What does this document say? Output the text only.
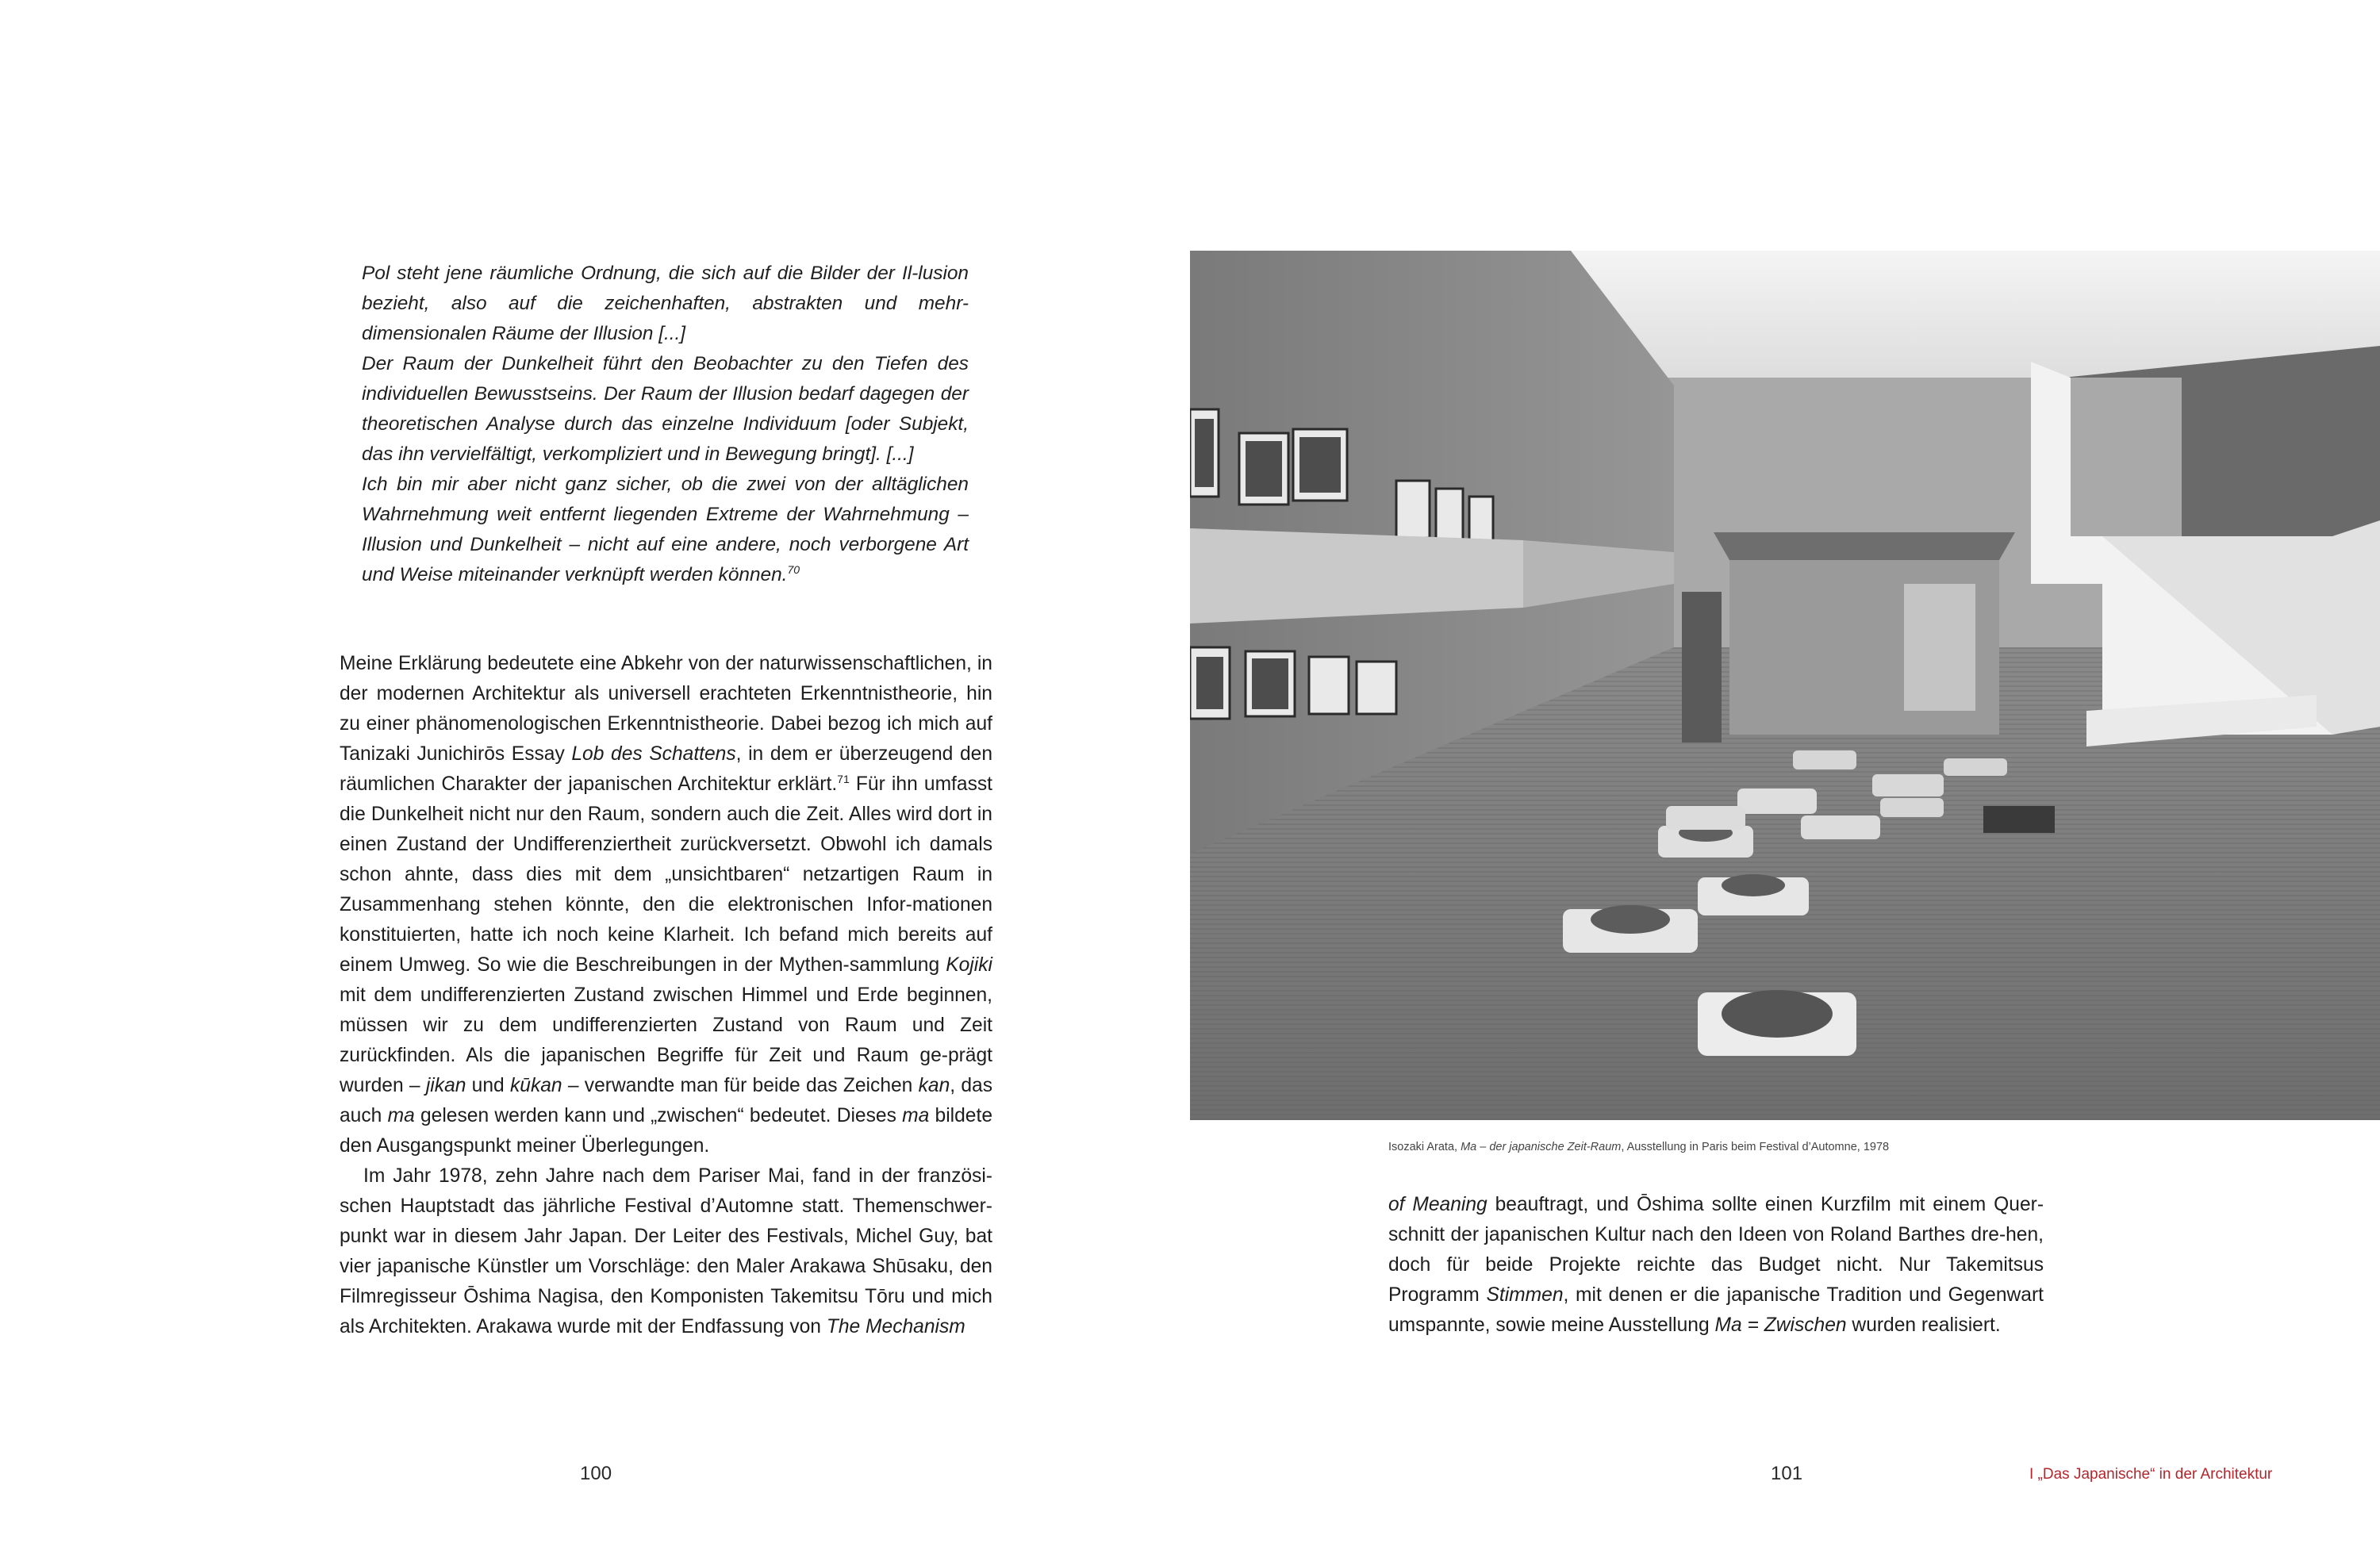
Pol steht jene räumliche Ordnung, die sich auf die Bilder der Il-lusion bezieht, also auf die zeichenhaften, abstrakten und mehr-dimensionalen Räume der Illusion [...]

Der Raum der Dunkelheit führt den Beobachter zu den Tiefen des individuellen Bewusstseins. Der Raum der Illusion bedarf dagegen der theoretischen Analyse durch das einzelne Individuum [oder Subjekt, das ihn vervielfältigt, verkompliziert und in Bewegung bringt]. [...]

Ich bin mir aber nicht ganz sicher, ob die zwei von der alltäglichen Wahrnehmung weit entfernt liegenden Extreme der Wahrnehmung – Illusion und Dunkelheit – nicht auf eine andere, noch verborgene Art und Weise miteinander verknüpft werden können.$^{70}$

Meine Erklärung bedeutete eine Abkehr von der naturwissenschaftlichen, in der modernen Architektur als universell erachteten Erkenntnistheorie, hin zu einer phänomenologischen Erkenntnistheorie. Dabei bezog ich mich auf Tanizaki Junichirōs Essay Lob des Schattens, in dem er überzeugend den räumlichen Charakter der japanischen Architektur erklärt.$^{71}$ Für ihn umfasst die Dunkelheit nicht nur den Raum, sondern auch die Zeit. Alles wird dort in einen Zustand der Undifferenziertheit zurückversetzt. Obwohl ich damals schon ahnte, dass dies mit dem „unsichtbaren“ netzartigen Raum in Zusammenhang stehen könnte, den die elektronischen Infor-mationen konstituierten, hatte ich noch keine Klarheit. Ich befand mich bereits auf einem Umweg. So wie die Beschreibungen in der Mythen-sammlung Kojiki mit dem undifferenzierten Zustand zwischen Himmel und Erde beginnen, müssen wir zu dem undifferenzierten Zustand von Raum und Zeit zurückfinden. Als die japanischen Begriffe für Zeit und Raum ge-prägt wurden – jikan und kūkan – verwandte man für beide das Zeichen kan, das auch ma gelesen werden kann und „zwischen“ bedeutet. Dieses ma bildete den Ausgangspunkt meiner Überlegungen.

Im Jahr 1978, zehn Jahre nach dem Pariser Mai, fand in der französi-schen Hauptstadt das jährliche Festival d’Automne statt. Themenschwer-punkt war in diesem Jahr Japan. Der Leiter des Festivals, Michel Guy, bat vier japanische Künstler um Vorschläge: den Maler Arakawa Shūsaku, den Filmregisseur Ōshima Nagisa, den Komponisten Takemitsu Tōru und mich als Architekten. Arakawa wurde mit der Endfassung von The Mechanism

100
Isozaki Arata, Ma – der japanische Zeit-Raum, Ausstellung in Paris beim Festival d’Automne, 1978

of Meaning beauftragt, und Ōshima sollte einen Kurzfilm mit einem Quer-schnitt der japanischen Kultur nach den Ideen von Roland Barthes dre-hen, doch für beide Projekte reichte das Budget nicht. Nur Takemitsus Programm Stimmen, mit denen er die japanische Tradition und Gegenwart umspannte, sowie meine Ausstellung Ma = Zwischen wurden realisiert.

101	I „Das Japanische“ in der Architektur
